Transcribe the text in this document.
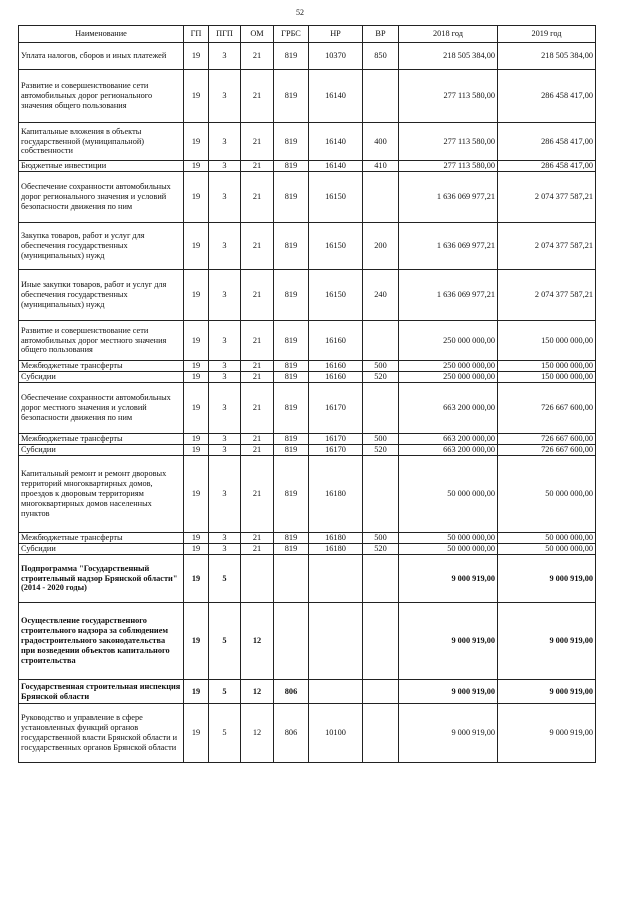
52
Наименование	ГП	ПГП	ОМ	ГРБС	НР	ВР	2018 год	2019 год
Уплата налогов, сборов и иных платежей	19	3	21	819	10370	850	218 505 384,00	218 505 384,00
Развитие и совершенствование сети автомобильных дорог регионального значения общего пользования	19	3	21	819	16140		277 113 580,00	286 458 417,00
Капитальные вложения в объекты государственной (муниципальной) собственности	19	3	21	819	16140	400	277 113 580,00	286 458 417,00
Бюджетные инвестиции	19	3	21	819	16140	410	277 113 580,00	286 458 417,00
Обеспечение сохранности автомобильных дорог регионального значения и условий безопасности движения по ним	19	3	21	819	16150		1 636 069 977,21	2 074 377 587,21
Закупка товаров, работ и услуг для обеспечения государственных (муниципальных) нужд	19	3	21	819	16150	200	1 636 069 977,21	2 074 377 587,21
Иные закупки товаров, работ и услуг для обеспечения государственных (муниципальных) нужд	19	3	21	819	16150	240	1 636 069 977,21	2 074 377 587,21
Развитие и совершенствование сети автомобильных дорог местного значения общего пользования	19	3	21	819	16160		250 000 000,00	150 000 000,00
Межбюджетные трансферты	19	3	21	819	16160	500	250 000 000,00	150 000 000,00
Субсидии	19	3	21	819	16160	520	250 000 000,00	150 000 000,00
Обеспечение сохранности автомобильных дорог местного значения и условий безопасности движения по ним	19	3	21	819	16170		663 200 000,00	726 667 600,00
Межбюджетные трансферты	19	3	21	819	16170	500	663 200 000,00	726 667 600,00
Субсидии	19	3	21	819	16170	520	663 200 000,00	726 667 600,00
Капитальный ремонт и ремонт дворовых территорий многоквартирных домов, проездов к дворовым территориям многоквартирных домов населенных пунктов	19	3	21	819	16180		50 000 000,00	50 000 000,00
Межбюджетные трансферты	19	3	21	819	16180	500	50 000 000,00	50 000 000,00
Субсидии	19	3	21	819	16180	520	50 000 000,00	50 000 000,00
Подпрограмма "Государственный строительный надзор Брянской области" (2014 - 2020 годы)	19	5					9 000 919,00	9 000 919,00
Осуществление государственного строительного надзора за соблюдением градостроительного законодательства при возведении объектов капитального строительства	19	5	12				9 000 919,00	9 000 919,00
Государственная строительная инспекция Брянской области	19	5	12	806			9 000 919,00	9 000 919,00
Руководство и управление в сфере установленных функций органов государственной власти Брянской области и государственных органов Брянской области	19	5	12	806	10100		9 000 919,00	9 000 919,00
